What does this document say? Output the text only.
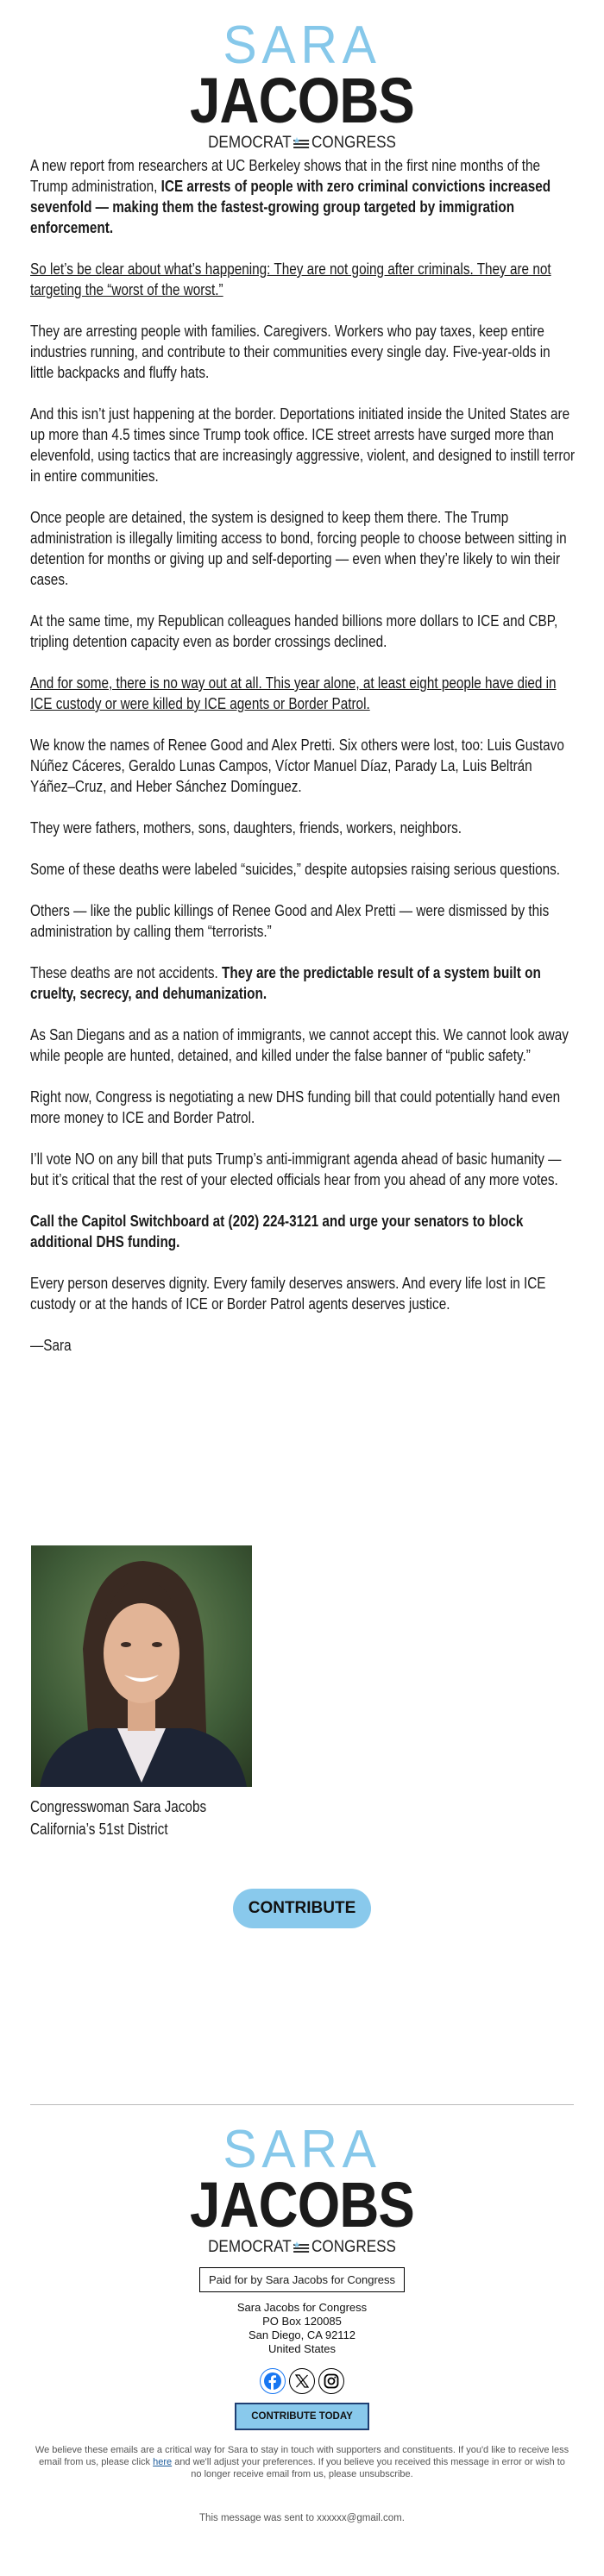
SARA
JACOBS
DEMOCRAT ★ CONGRESS

A new report from researchers at UC Berkeley shows that in the first nine months of the Trump administration, ICE arrests of people with zero criminal convictions increased sevenfold — making them the fastest-growing group targeted by immigration enforcement.

So let’s be clear about what’s happening: They are not going after criminals. They are not targeting the “worst of the worst.”

They are arresting people with families. Caregivers. Workers who pay taxes, keep entire industries running, and contribute to their communities every single day. Five-year-olds in little backpacks and fluffy hats.

And this isn’t just happening at the border. Deportations initiated inside the United States are up more than 4.5 times since Trump took office. ICE street arrests have surged more than elevenfold, using tactics that are increasingly aggressive, violent, and designed to instill terror in entire communities.

Once people are detained, the system is designed to keep them there. The Trump administration is illegally limiting access to bond, forcing people to choose between sitting in detention for months or giving up and self-deporting — even when they’re likely to win their cases.

At the same time, my Republican colleagues handed billions more dollars to ICE and CBP, tripling detention capacity even as border crossings declined.

And for some, there is no way out at all. This year alone, at least eight people have died in ICE custody or were killed by ICE agents or Border Patrol.

We know the names of Renee Good and Alex Pretti. Six others were lost, too: Luis Gustavo Núñez Cáceres, Geraldo Lunas Campos, Víctor Manuel Díaz, Parady La, Luis Beltrán Yáñez–Cruz, and Heber Sánchez Domínguez.

They were fathers, mothers, sons, daughters, friends, workers, neighbors.

Some of these deaths were labeled “suicides,” despite autopsies raising serious questions.

Others — like the public killings of Renee Good and Alex Pretti — were dismissed by this administration by calling them “terrorists.”

These deaths are not accidents. They are the predictable result of a system built on cruelty, secrecy, and dehumanization.

As San Diegans and as a nation of immigrants, we cannot accept this. We cannot look away while people are hunted, detained, and killed under the false banner of “public safety.”

Right now, Congress is negotiating a new DHS funding bill that could potentially hand even more money to ICE and Border Patrol.

I’ll vote NO on any bill that puts Trump’s anti-immigrant agenda ahead of basic humanity — but it’s critical that the rest of your elected officials hear from you ahead of any more votes.

Call the Capitol Switchboard at (202) 224-3121 and urge your senators to block additional DHS funding.

Every person deserves dignity. Every family deserves answers. And every life lost in ICE custody or at the hands of ICE or Border Patrol agents deserves justice.

—Sara

Congresswoman Sara Jacobs
California’s 51st District
CONTRIBUTE
SARA
JACOBS
DEMOCRAT ★ CONGRESS
Paid for by Sara Jacobs for Congress
Sara Jacobs for Congress
PO Box 120085
San Diego, CA 92112
United States
CONTRIBUTE TODAY
We believe these emails are a critical way for Sara to stay in touch with supporters and constituents. If you'd like to receive less email from us, please click here and we'll adjust your preferences. If you believe you received this message in error or wish to no longer receive email from us, please unsubscribe.
This message was sent to xxxxxx@gmail.com.
